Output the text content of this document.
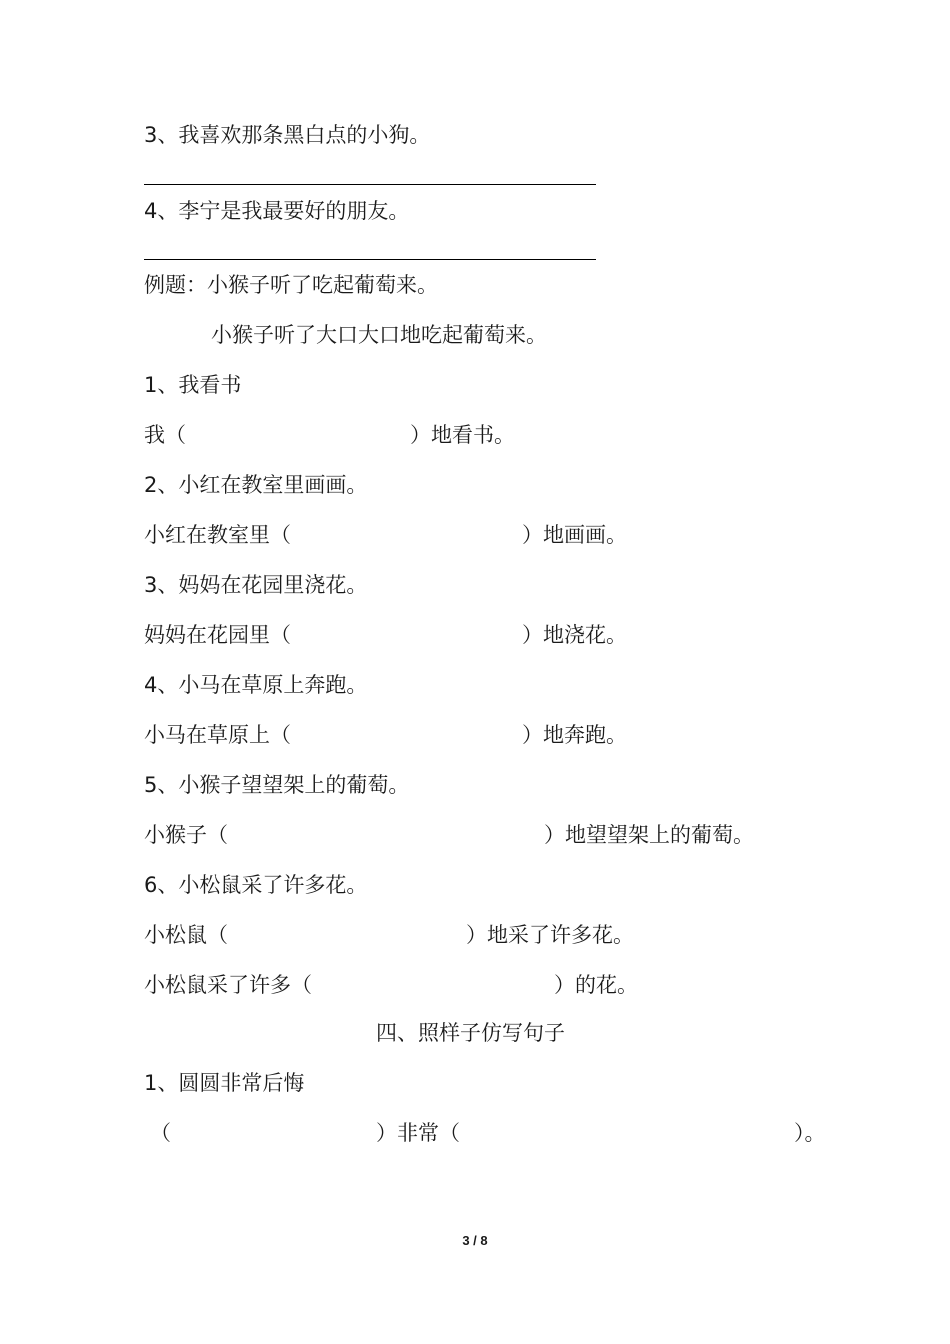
3、我喜欢那条黑白点的小狗。
4、李宁是我最要好的朋友。
例题：小猴子听了吃起葡萄来。
小猴子听了大口大口地吃起葡萄来。
1、我看书

我（

	）地看书。

2、小红在教室里画画。

小红在教室里（

	）地画画。

3、妈妈在花园里浇花。

妈妈在花园里（

	）地浇花。

4、小马在草原上奔跑。

小马在草原上（

	）地奔跑。

5、小猴子望望架上的葡萄。

小猴子（

	）地望望架上的葡萄。

6、小松鼠采了许多花。

小松鼠（

	）地采了许多花。

小松鼠采了许多（

	）的花。

四、照样子仿写句子
1、圆圆非常后悔

（

	）非常（

	）。

3 / 8
